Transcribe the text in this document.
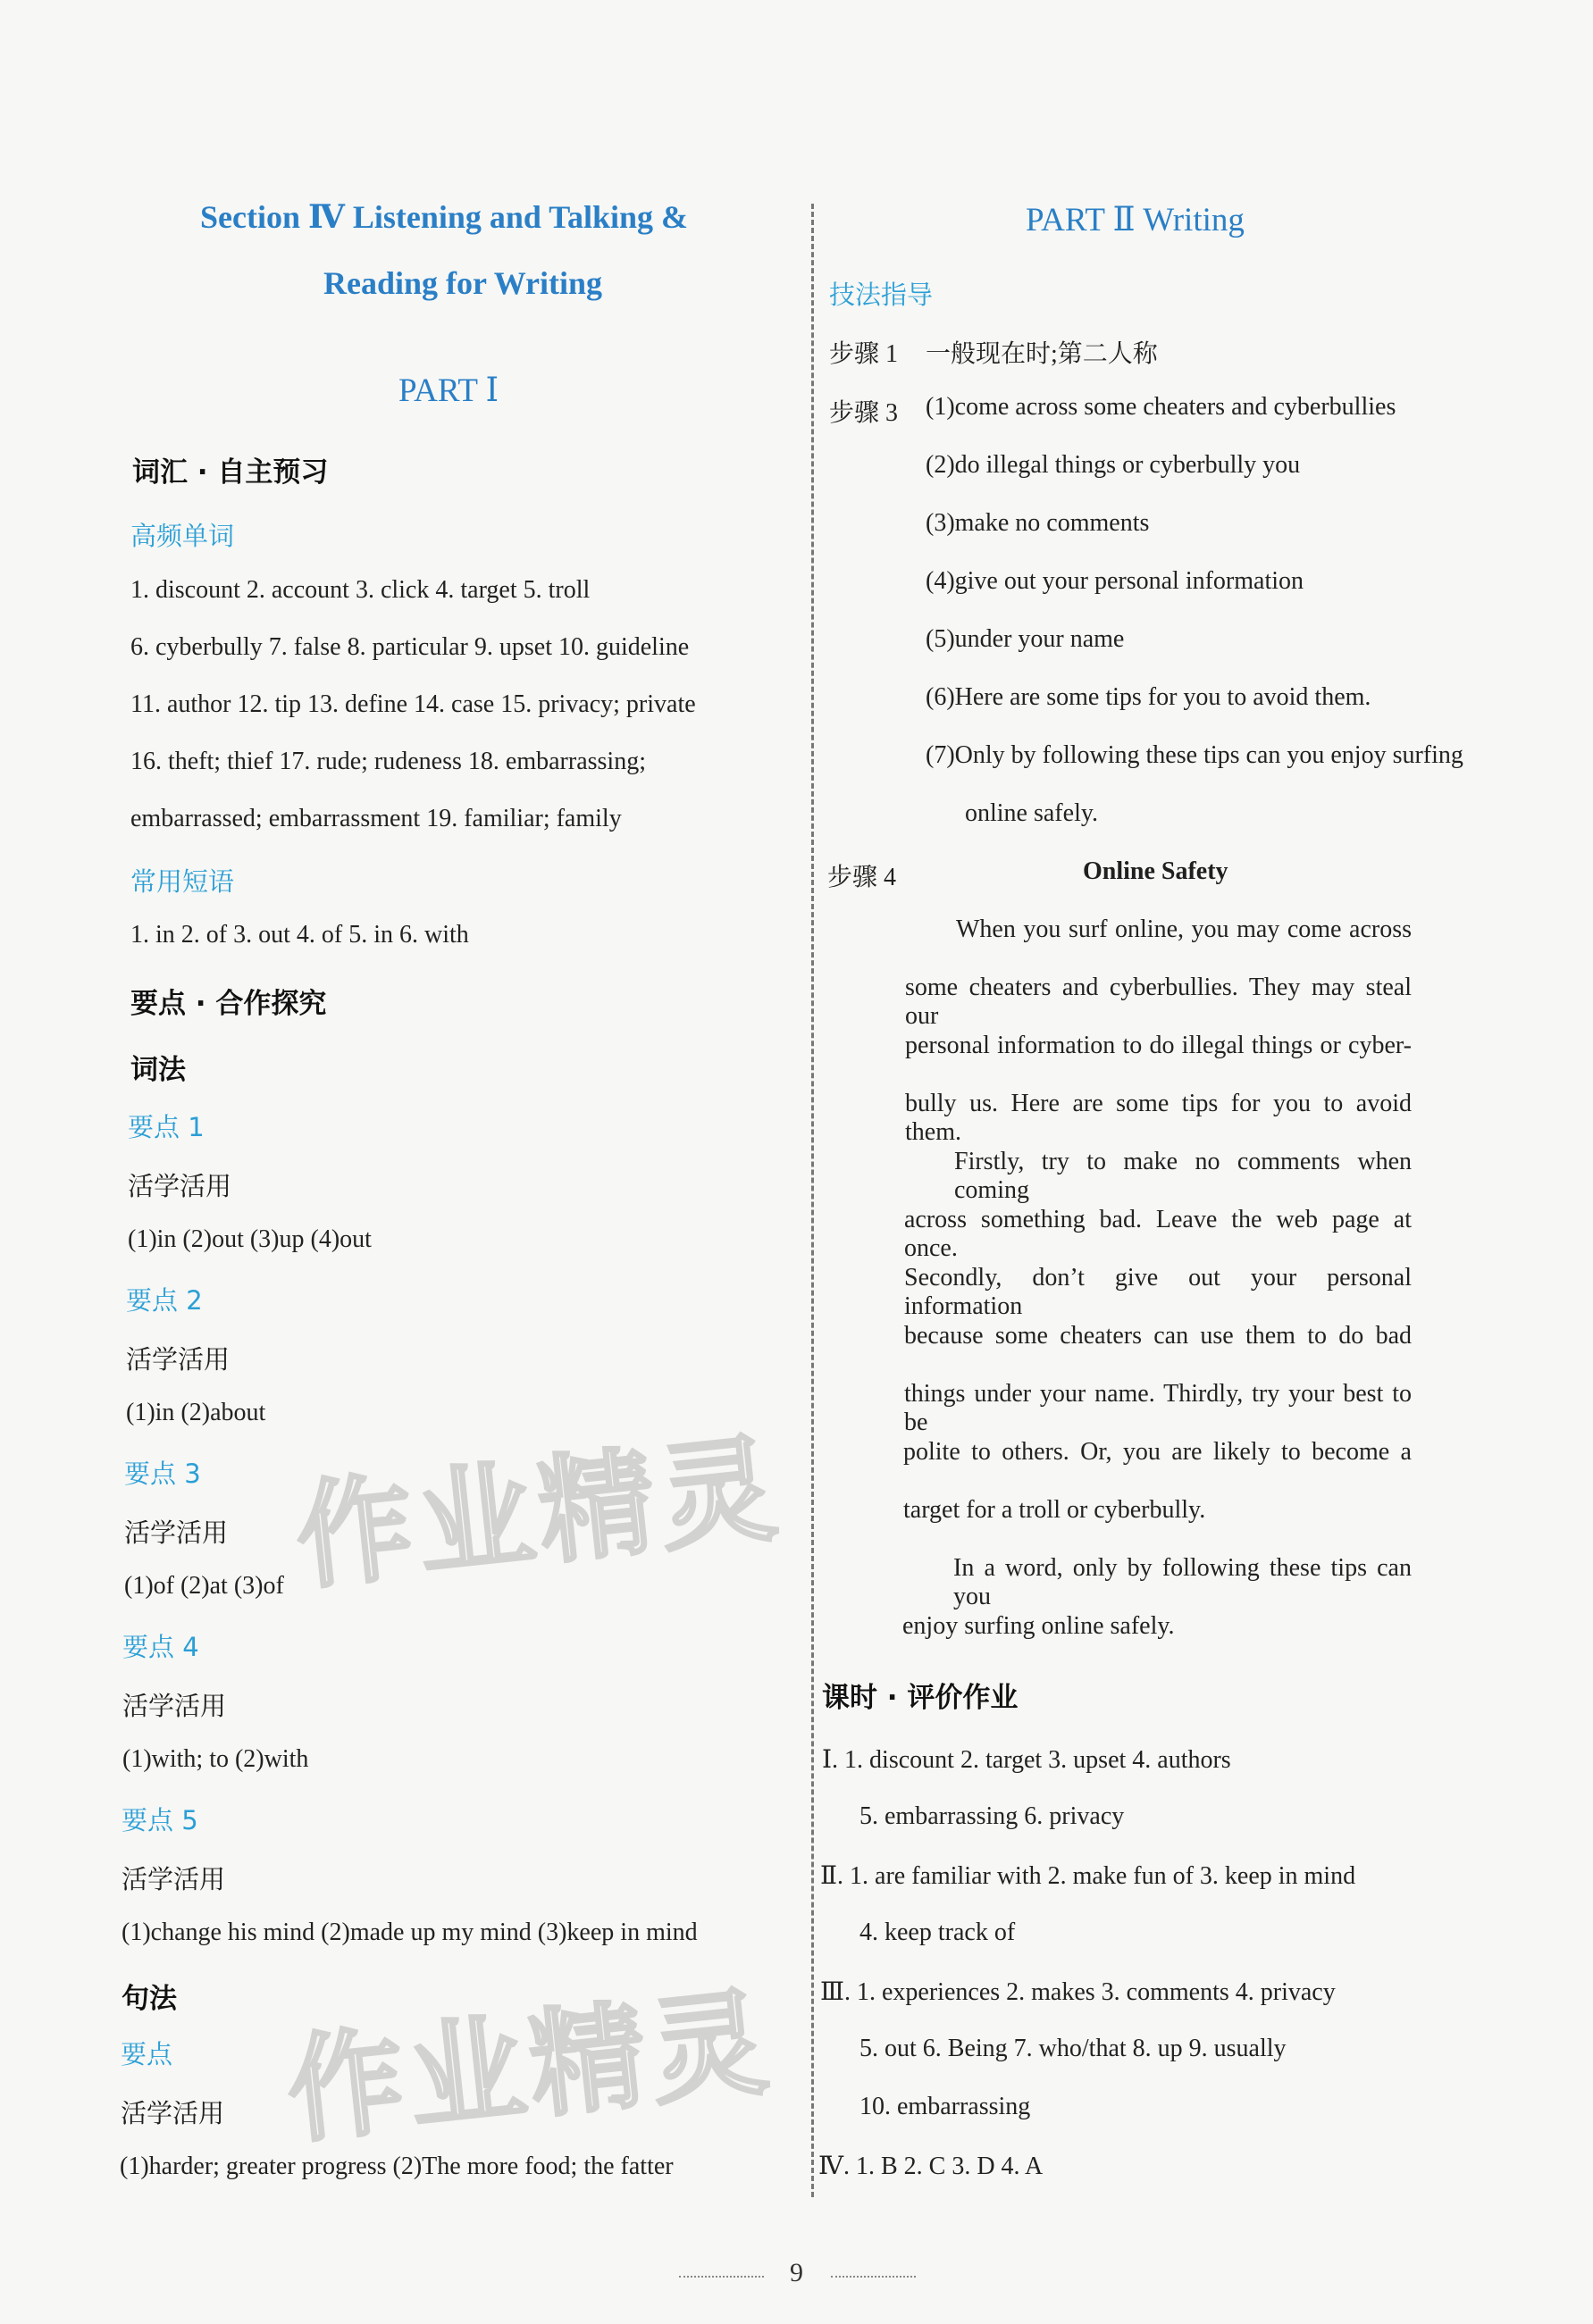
Section Ⅳ Listening and Talking &
Reading for Writing
PART Ⅰ
词汇 · 自主预习
高频单词
1. discount 2. account 3. click 4. target 5. troll
6. cyberbully 7. false 8. particular 9. upset 10. guideline
11. author 12. tip 13. define 14. case 15. privacy; private
16. theft; thief 17. rude; rudeness 18. embarrassing;
embarrassed; embarrassment 19. familiar; family
常用短语
1. in 2. of 3. out 4. of 5. in 6. with
要点 · 合作探究
词法
要点 1
活学活用
(1)in (2)out (3)up (4)out
要点 2
活学活用
(1)in (2)about
要点 3
活学活用
(1)of (2)at (3)of
要点 4
活学活用
(1)with; to (2)with
要点 5
活学活用
(1)change his mind (2)made up my mind (3)keep in mind
句法
要点
活学活用
(1)harder; greater progress (2)The more food; the fatter
作业精灵
作业精灵
PART Ⅱ Writing
技法指导
步骤 1 一般现在时;第二人称
步骤 3 (1)come across some cheaters and cyberbullies
(2)do illegal things or cyberbully you
(3)make no comments
(4)give out your personal information
(5)under your name
(6)Here are some tips for you to avoid them.
(7)Only by following these tips can you enjoy surfing
online safely.
步骤 4	Online Safety
When you surf online, you may come across
some cheaters and cyberbullies. They may steal our
personal information to do illegal things or cyber-
bully us. Here are some tips for you to avoid them.
Firstly, try to make no comments when coming
across something bad. Leave the web page at once.
Secondly, don’t give out your personal information
because some cheaters can use them to do bad
things under your name. Thirdly, try your best to be
polite to others. Or, you are likely to become a
target for a troll or cyberbully.
In a word, only by following these tips can you
enjoy surfing online safely.
课时 · 评价作业
Ⅰ. 1. discount 2. target 3. upset 4. authors
5. embarrassing 6. privacy
Ⅱ. 1. are familiar with 2. make fun of 3. keep in mind
4. keep track of
Ⅲ. 1. experiences 2. makes 3. comments 4. privacy
5. out 6. Being 7. who/that 8. up 9. usually
10. embarrassing
Ⅳ. 1. B 2. C 3. D 4. A
9
